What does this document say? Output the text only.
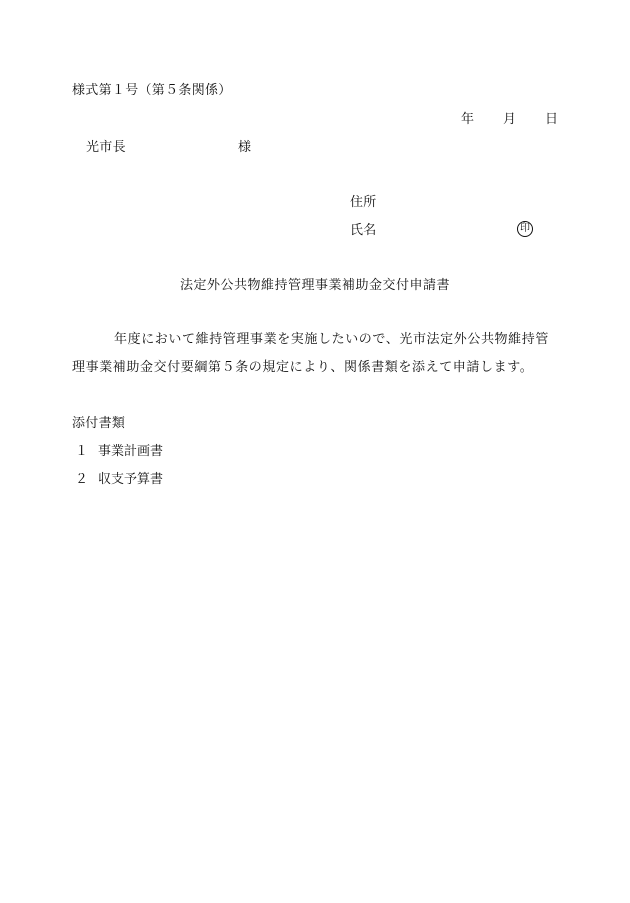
様式第１号（第５条関係）
年 月 日
光市長	様
住所
氏名	印
法定外公共物維持管理事業補助金交付申請書
年度において維持管理事業を実施したいので、光市法定外公共物維持管
理事業補助金交付要綱第５条の規定により、関係書類を添えて申請します。
添付書類
１ 事業計画書
２ 収支予算書
